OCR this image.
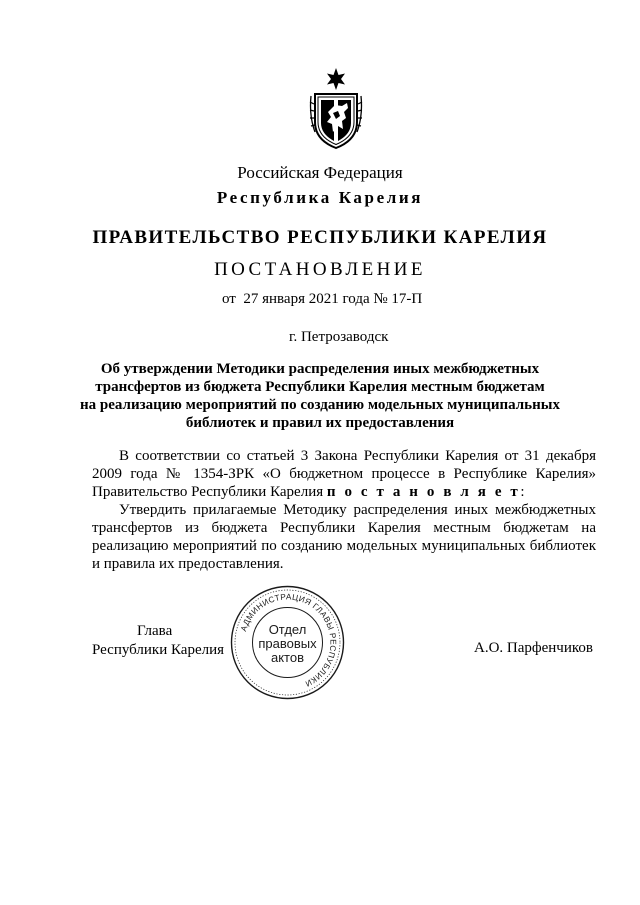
Российская Федерация
Республика Карелия
ПРАВИТЕЛЬСТВО РЕСПУБЛИКИ КАРЕЛИЯ
ПОСТАНОВЛЕНИЕ
от  27 января 2021 года № 17-П
г. Петрозаводск
Об утверждении Методики распределения иных межбюджетных
трансфертов из бюджета Республики Карелия местным бюджетам
на реализацию мероприятий по созданию модельных муниципальных
библиотек и правил их предоставления
В соответствии со статьей 3 Закона Республики Карелия от 31 декабря 2009 года № 1354-ЗРК «О бюджетном процессе в Республике Карелия» Правительство Республики Карелия п о с т а н о в л я е т:
Утвердить прилагаемые Методику распределения иных межбюджетных трансфертов из бюджета Республики Карелия местным бюджетам на реализацию мероприятий по созданию модельных муниципальных библиотек и правила их предоставления.
Глава
Республики Карелия	А.О. Парфенчиков
АДМИНИСТРАЦИЯ ГЛАВЫ РЕСПУБЛИКИ
Отдел
правовых
актов
